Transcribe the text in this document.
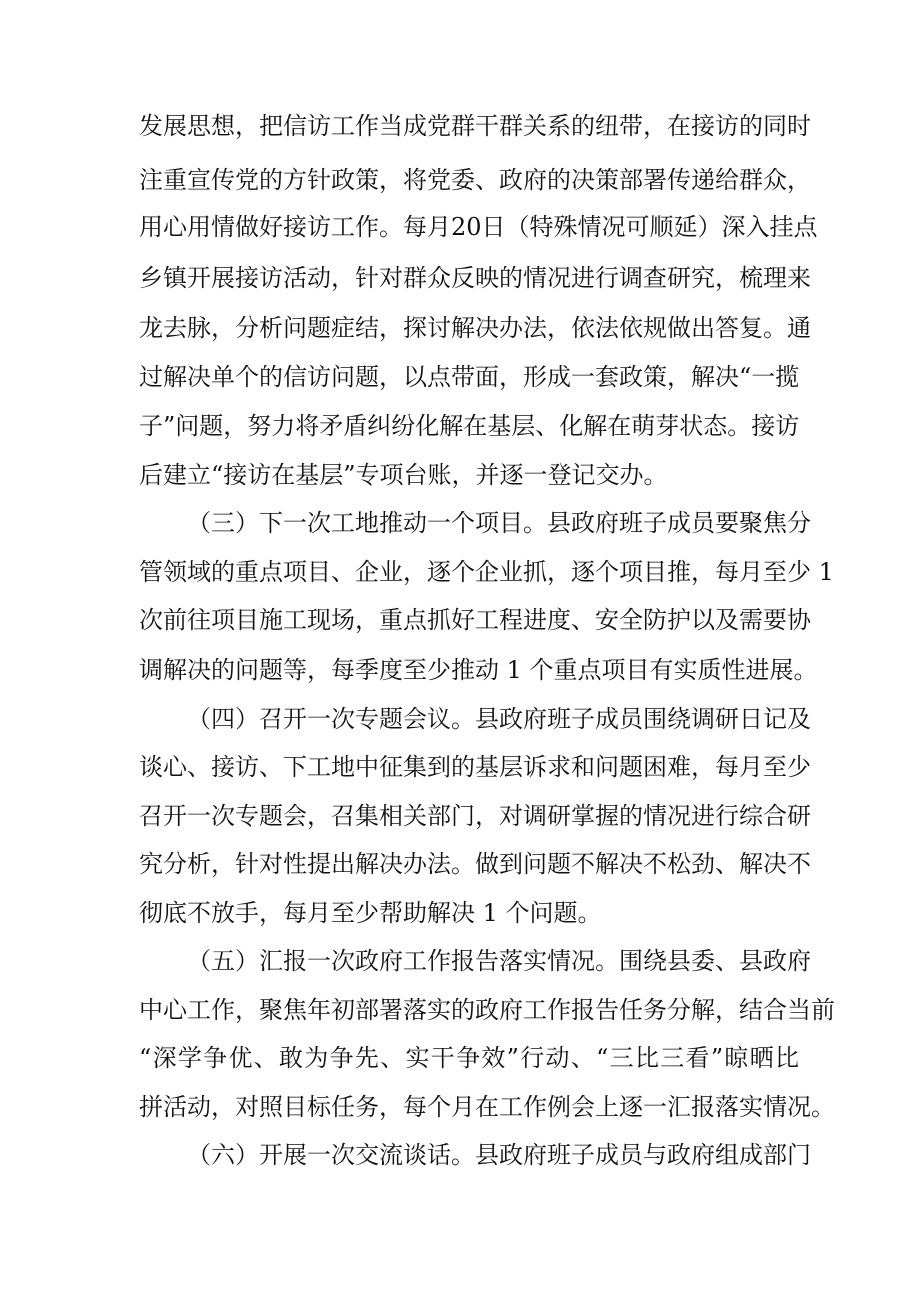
发展思想，把信访工作当成党群干群关系的纽带，在接访的同时
注重宣传党的方针政策，将党委、政府的决策部署传递给群众，
用心用情做好接访工作。每月20日（特殊情况可顺延）深入挂点
乡镇开展接访活动，针对群众反映的情况进行调查研究，梳理来
龙去脉，分析问题症结，探讨解决办法，依法依规做出答复。通
过解决单个的信访问题，以点带面，形成一套政策，解决“一揽
子”问题，努力将矛盾纠纷化解在基层、化解在萌芽状态。接访
后建立“接访在基层”专项台账，并逐一登记交办。
（三）下一次工地推动一个项目。县政府班子成员要聚焦分
管领域的重点项目、企业，逐个企业抓，逐个项目推，每月至少 1
次前往项目施工现场，重点抓好工程进度、安全防护以及需要协
调解决的问题等，每季度至少推动 1 个重点项目有实质性进展。
（四）召开一次专题会议。县政府班子成员围绕调研日记及
谈心、接访、下工地中征集到的基层诉求和问题困难，每月至少
召开一次专题会，召集相关部门，对调研掌握的情况进行综合研
究分析，针对性提出解决办法。做到问题不解决不松劲、解决不
彻底不放手，每月至少帮助解决 1 个问题。
（五）汇报一次政府工作报告落实情况。围绕县委、县政府
中心工作，聚焦年初部署落实的政府工作报告任务分解，结合当前
“深学争优、敢为争先、实干争效”行动、“三比三看”晾晒比
拼活动，对照目标任务，每个月在工作例会上逐一汇报落实情况。
（六）开展一次交流谈话。县政府班子成员与政府组成部门
